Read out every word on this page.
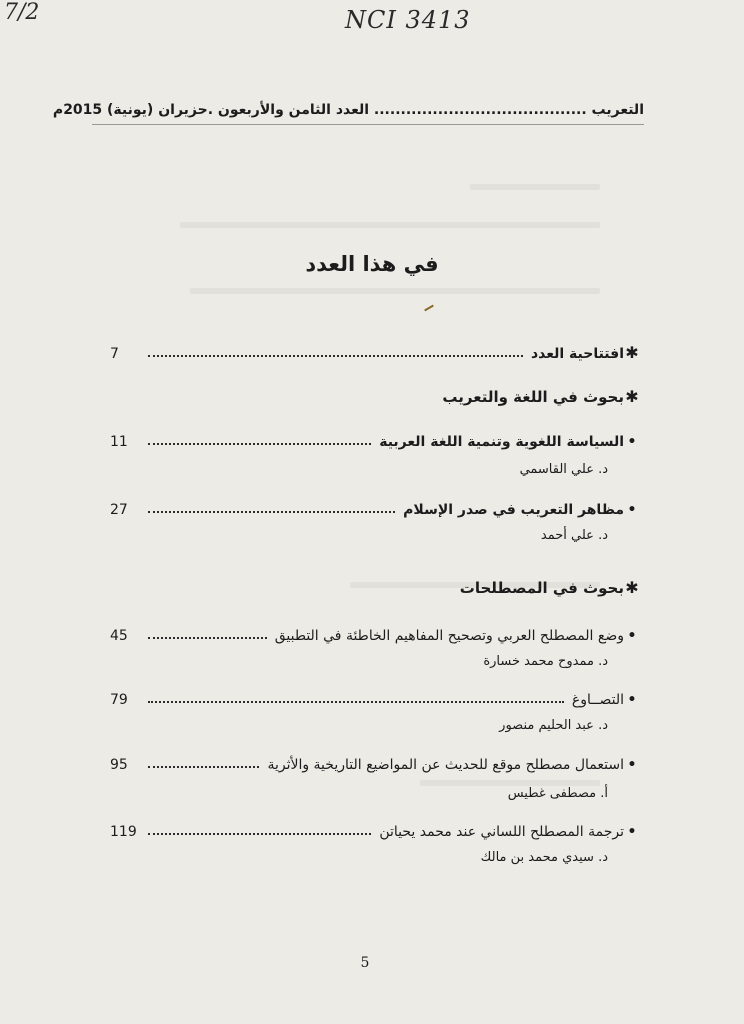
7/2	NCI 3413
التعريب ........................................ العدد الثامن والأربعون .حزيران (يونية) 2015م
في هذا العدد
✱
افتتاحية العدد
7
✱
بحوث في اللغة والتعريب
•
السياسة اللغوية وتنمية اللغة العربية
11
د. علي القاسمي
•
مظاهر التعريب في صدر الإسلام
27
د. علي أحمد
✱
بحوث في المصطلحات
•
وضع المصطلح العربي وتصحيح المفاهيم الخاطئة في التطبيق
45
د. ممدوح محمد خسارة
•
التصــاوغ
79
د. عبد الحليم منصور
•
استعمال مصطلح موقع للحديث عن المواضيع التاريخية والأثرية
95
أ. مصطفى غطيس
•
ترجمة المصطلح اللساني عند محمد يحياتن
119
د. سيدي محمد بن مالك
5
